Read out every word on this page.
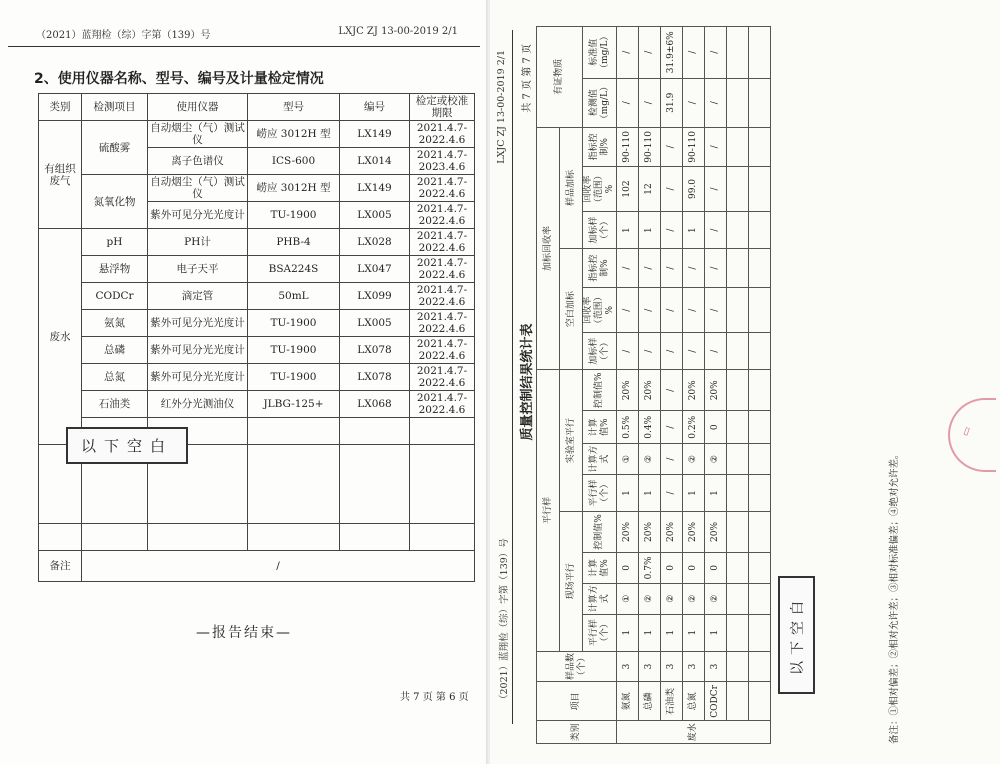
（2021）蓝翔检（综）字第（139）号	LXJC ZJ 13-00-2019 2/1
2、使用仪器名称、型号、编号及计量检定情况
类别	检测项目	使用仪器	型号	编号	检定或校准期限	
有组织废气	硫酸雾	自动烟尘（气）测试仪	崂应 3012H 型	LX149	2021.4.7-2022.4.6	
		离子色谱仪	ICS-600	LX014	2021.4.7-2023.4.6	
	氮氧化物	自动烟尘（气）测试仪	崂应 3012H 型	LX149	2021.4.7-2022.4.6	
		紫外可见分光光度计	TU-1900	LX005	2021.4.7-2022.4.6	
废水	pH	PH计	PHB-4	LX028	2021.4.7-2022.4.6	
	悬浮物	电子天平	BSA224S	LX047	2021.4.7-2022.4.6	
	CODCr	滴定管	50mL	LX099	2021.4.7-2022.4.6	
	氨氮	紫外可见分光光度计	TU-1900	LX005	2021.4.7-2022.4.6	
	总磷	紫外可见分光光度计	TU-1900	LX078	2021.4.7-2022.4.6	
	总氮	紫外可见分光光度计	TU-1900	LX078	2021.4.7-2022.4.6	
	石油类	红外分光测油仪	JLBG-125+	LX068	2021.4.7-2022.4.6	

备注	/					
以下空白
—报告结束—
共 7 页 第 6 页	（2021）蓝翔检（综）字第（139）号
LXJC ZJ 13-00-2019 2/1
质量控制结果统计表
类别	项目	样品数（个）	平行样								加标回收率						有证物质	
			现场平行				实验室平行				空白加标			样品加标				
			平行样（个）	计算方式	计算值%	控制值%	平行样（个）	计算方式	计算值%	控制值%	加标样（个）	回收率（范围）%	指标控制%	加标样（个）	回收率（范围）%	指标控制%	检测值（mg/L）	标准值（mg/L）
废水	氨氮	3	1	①	0	20%	1	①	0.5%	20%	/	/	/	1	102	90-110	/	/
	总磷	3	1	②	0.7%	20%	1	②	0.4%	20%	/	/	/	1	12	90-110	/	/
	石油类	3	1	②	0	20%	/	/	/	/	/	/	/	/	/	/	31.9	31.9±6%
	总氮	3	1	②	0	20%	1	②	0.2%	20%	/	/	/	1	99.0	90-110	/	/
	CODCr	3	1	②	0	20%	1	②	0	20%	/	/	/	/	/	/	/	/

以下空白	备注：①相对偏差；②相对允许差；③相对标准偏差；④绝对允许差。
共 7 页 第 7 页
▭
